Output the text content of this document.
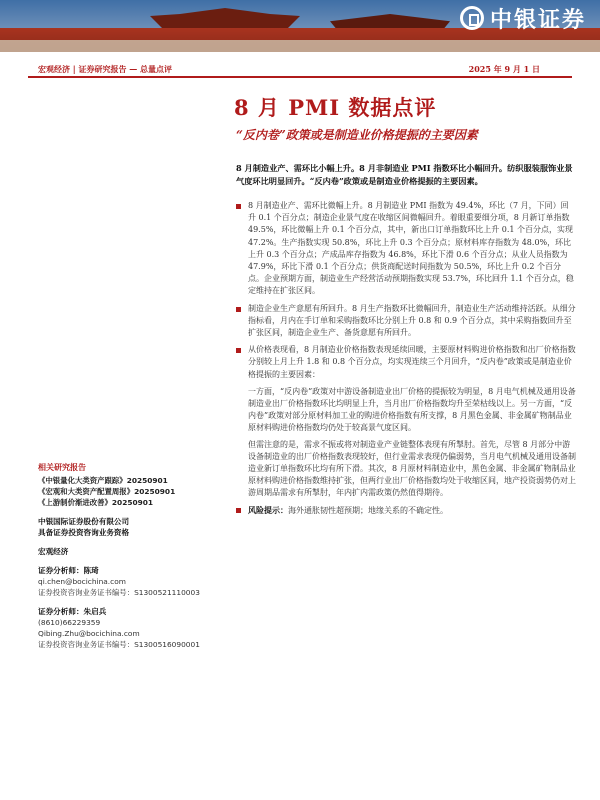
中银证券
宏观经济 | 证券研究报告 — 总量点评	2025 年 9 月 1 日
8 月 PMI 数据点评
“反内卷”政策或是制造业价格提振的主要因素

8 月制造业产、需环比小幅上升。8 月非制造业 PMI 指数环比小幅回升。纺织服装服饰业景气度环比明显回升。“反内卷”政策或是制造业价格提振的主要因素。

8 月制造业产、需环比微幅上升。8 月制造业 PMI 指数为 49.4%，环比（7 月，下同）回升 0.1 个百分点；制造企业景气度在收缩区间微幅回升。着眼重要细分项，8 月新订单指数 49.5%，环比微幅上升 0.1 个百分点，其中，新出口订单指数环比上升 0.1 个百分点，实现 47.2%。生产指数实现 50.8%，环比上升 0.3 个百分点；原材料库存指数为 48.0%，环比上升 0.3 个百分点；产成品库存指数为 46.8%，环比下滑 0.6 个百分点；从业人员指数为 47.9%，环比下滑 0.1 个百分点；供货商配送时间指数为 50.5%，环比上升 0.2 个百分点。企业预期方面，制造业生产经营活动预期指数实现 53.7%，环比回升 1.1 个百分点，稳定维持在扩张区间。
制造企业生产意愿有所回升。8 月生产指数环比微幅回升，制造业生产活动维持活跃。从细分指标看，月内在手订单和采购指数环比分别上升 0.8 和 0.9 个百分点，其中采购指数回升至扩张区间，制造企业生产、备货意愿有所回升。
从价格表现看，8 月制造业价格指数表现延续回暖，主要原材料购进价格指数和出厂价格指数分别较上月上升 1.8 和 0.8 个百分点，均实现连续三个月回升，“反内卷”政策或是制造业价格提振的主要因素：

一方面，“反内卷”政策对中游设备制造业出厂价格的提振较为明显，8 月电气机械及通用设备制造业出厂价格指数环比均明显上升，当月出厂价格指数均升至荣枯线以上。另一方面，“反内卷”政策对部分原材料加工业的购进价格指数有所支撑，8 月黑色金属、非金属矿物制品业原材料购进价格指数均仍处于较高景气度区间。

但需注意的是，需求不振或将对制造业产业链整体表现有所掣肘。首先，尽管 8 月部分中游设备制造业的出厂价格指数表现较好，但行业需求表现仍偏弱势，当月电气机械及通用设备制造业新订单指数环比均有所下滑。其次，8 月原材料制造业中，黑色金属、非金属矿物制品业原材料购进价格指数维持扩张，但两行业出厂价格指数均处于收缩区间，地产投资弱势仍对上游周期品需求有所掣肘，年内扩内需政策仍然值得期待。

风险提示：海外通胀韧性超预期；地缘关系的不确定性。
相关研究报告
《中银量化大类资产跟踪》20250901
《宏观和大类资产配置周报》20250901
《上游制价渐进改善》20250901
中银国际证券股份有限公司
具备证券投资咨询业务资格
宏观经济
证券分析师：陈琦
qi.chen@bocichina.com
证券投资咨询业务证书编号：S1300521110003
证券分析师：朱启兵
(8610)66229359
Qibing.Zhu@bocichina.com
证券投资咨询业务证书编号：S1300516090001
